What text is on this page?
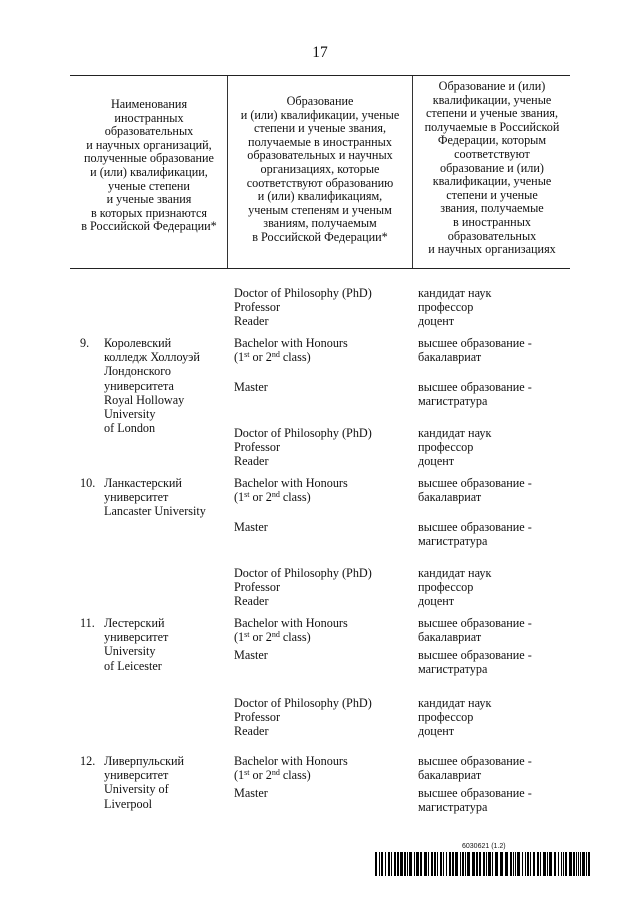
17
Наименования
иностранных
образовательных
и научных организаций,
полученные образование
и (или) квалификации,
ученые степени
и ученые звания
в которых признаются
в Российской Федерации*
Образование
и (или) квалификации, ученые
степени и ученые звания,
получаемые в иностранных
образовательных и научных
организациях, которые
соответствуют образованию
и (или) квалификациям,
ученым степеням и ученым
званиям, получаемым
в Российской Федерации*
Образование и (или)
квалификации, ученые
степени и ученые звания,
получаемые в Российской
Федерации, которым
соответствуют
образование и (или)
квалификации, ученые
степени и ученые
звания, получаемые
в иностранных
образовательных
и научных организациях
Doctor of Philosophy (PhD)
Professor
Reader
кандидат наук
профессор
доцент
9. Королевский
колледж Холлоуэй
Лондонского
университета
Royal Holloway
University
of London
Bachelor with Honours
(1st or 2nd class)
Master
Doctor of Philosophy (PhD)
Professor
Reader
высшее образование -
бакалавриат
высшее образование -
магистратура
кандидат наук
профессор
доцент
10. Ланкастерский
университет
Lancaster University
Bachelor with Honours
(1st or 2nd class)
Master
Doctor of Philosophy (PhD)
Professor
Reader
высшее образование -
бакалавриат
высшее образование -
магистратура
кандидат наук
профессор
доцент
11. Лестерский
университет
University
of Leicester
Bachelor with Honours
(1st or 2nd class)
Master
Doctor of Philosophy (PhD)
Professor
Reader
высшее образование -
бакалавриат
высшее образование -
магистратура
кандидат наук
профессор
доцент
12. Ливерпульский
университет
University of
Liverpool
Bachelor with Honours
(1st or 2nd class)
Master
высшее образование -
бакалавриат
высшее образование -
магистратура
6030621 (1.2)
